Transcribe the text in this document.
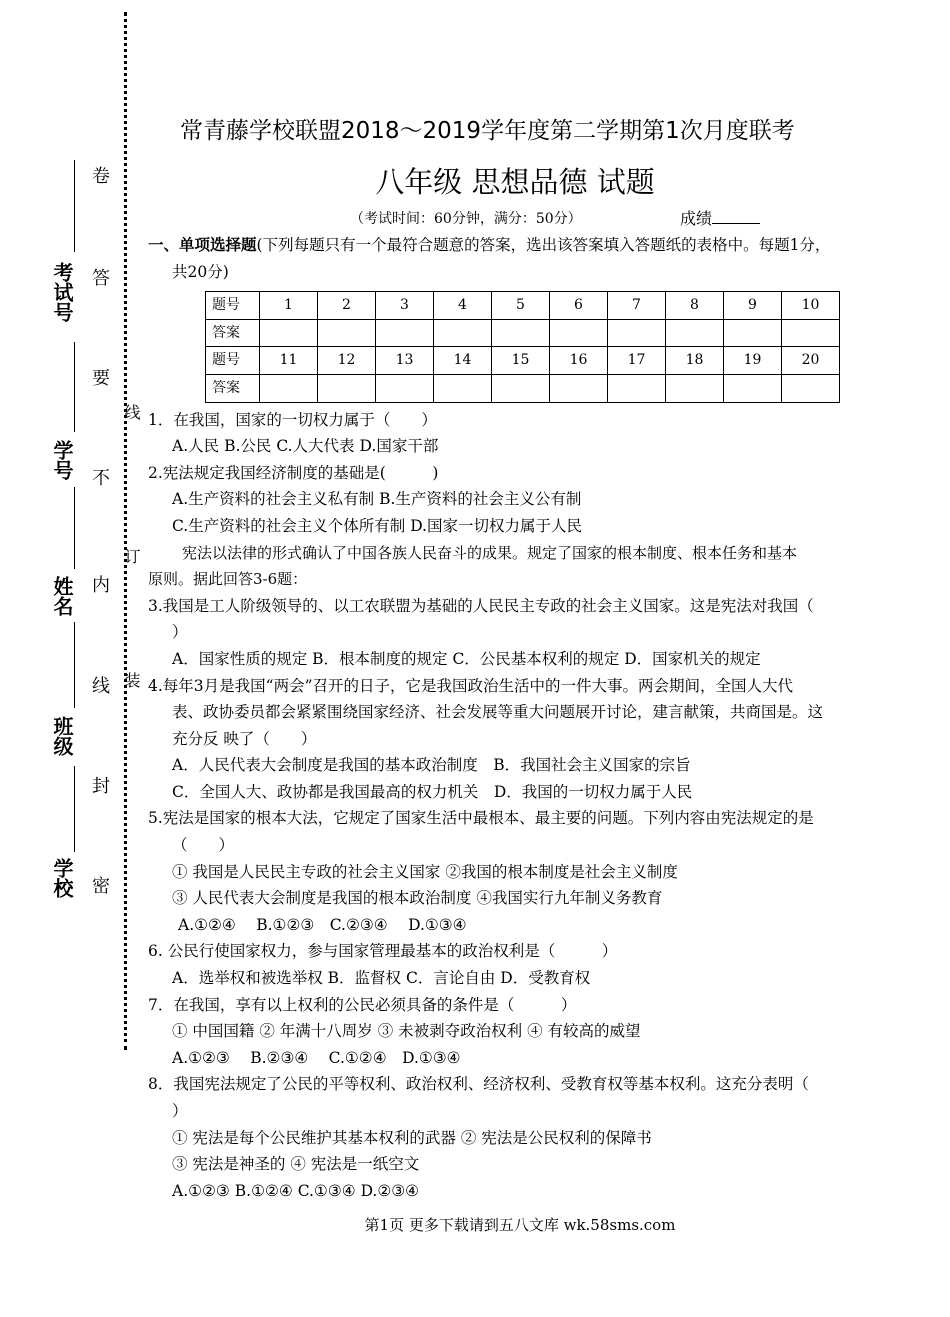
考试号
学号
姓名
班级
学校
卷
答
要
不
内
线
封
密
线
订
装
常青藤学校联盟2018～2019学年度第二学期第1次月度联考
八年级 思想品德 试题
（考试时间：60分钟，满分：50分）	成绩
一、单项选择题(下列每题只有一个最符合题意的答案，选出该答案填入答题纸的表格中。每题1分，
共20分)
题号	1	2	3	4	5	6	7	8	9	10
答案										
题号	11	12	13	14	15	16	17	18	19	20
答案										
1．在我国，国家的一切权力属于（　　）
A.人民 B.公民 C.人大代表 D.国家干部
2.宪法规定我国经济制度的基础是(　　　)
A.生产资料的社会主义私有制 B.生产资料的社会主义公有制
C.生产资料的社会主义个体所有制 D.国家一切权力属于人民
宪法以法律的形式确认了中国各族人民奋斗的成果。规定了国家的根本制度、根本任务和基本
原则。据此回答3-6题：
3.我国是工人阶级领导的、以工农联盟为基础的人民民主专政的社会主义国家。这是宪法对我国（
）
A．国家性质的规定 B．根本制度的规定 C．公民基本权利的规定 D．国家机关的规定
4.每年3月是我国“两会”召开的日子，它是我国政治生活中的一件大事。两会期间，全国人大代
表、政协委员都会紧紧围绕国家经济、社会发展等重大问题展开讨论，建言献策，共商国是。这
充分反 映了（　　）
A．人民代表大会制度是我国的基本政治制度　B．我国社会主义国家的宗旨
C．全国人大、政协都是我国最高的权力机关　D．我国的一切权力属于人民
5.宪法是国家的根本大法，它规定了国家生活中最根本、最主要的问题。下列内容由宪法规定的是
（　　）
① 我国是人民民主专政的社会主义国家 ②我国的根本制度是社会主义制度
③ 人民代表大会制度是我国的根本政治制度 ④我国实行九年制义务教育
A.①②④　 B.①②③　C.②③④　 D.①③④
6. 公民行使国家权力，参与国家管理最基本的政治权利是（　　　）
A．选举权和被选举权 B．监督权 C．言论自由 D．受教育权
7．在我国，享有以上权利的公民必须具备的条件是（　　　）
① 中国国籍 ② 年满十八周岁 ③ 未被剥夺政治权利 ④ 有较高的威望
A.①②③　 B.②③④　 C.①②④　D.①③④
8．我国宪法规定了公民的平等权利、政治权利、经济权利、受教育权等基本权利。这充分表明（
）
① 宪法是每个公民维护其基本权利的武器 ② 宪法是公民权利的保障书
③ 宪法是神圣的 ④ 宪法是一纸空文
A.①②③ B.①②④ C.①③④ D.②③④
第1页 更多下载请到五八文库 wk.58sms.com
